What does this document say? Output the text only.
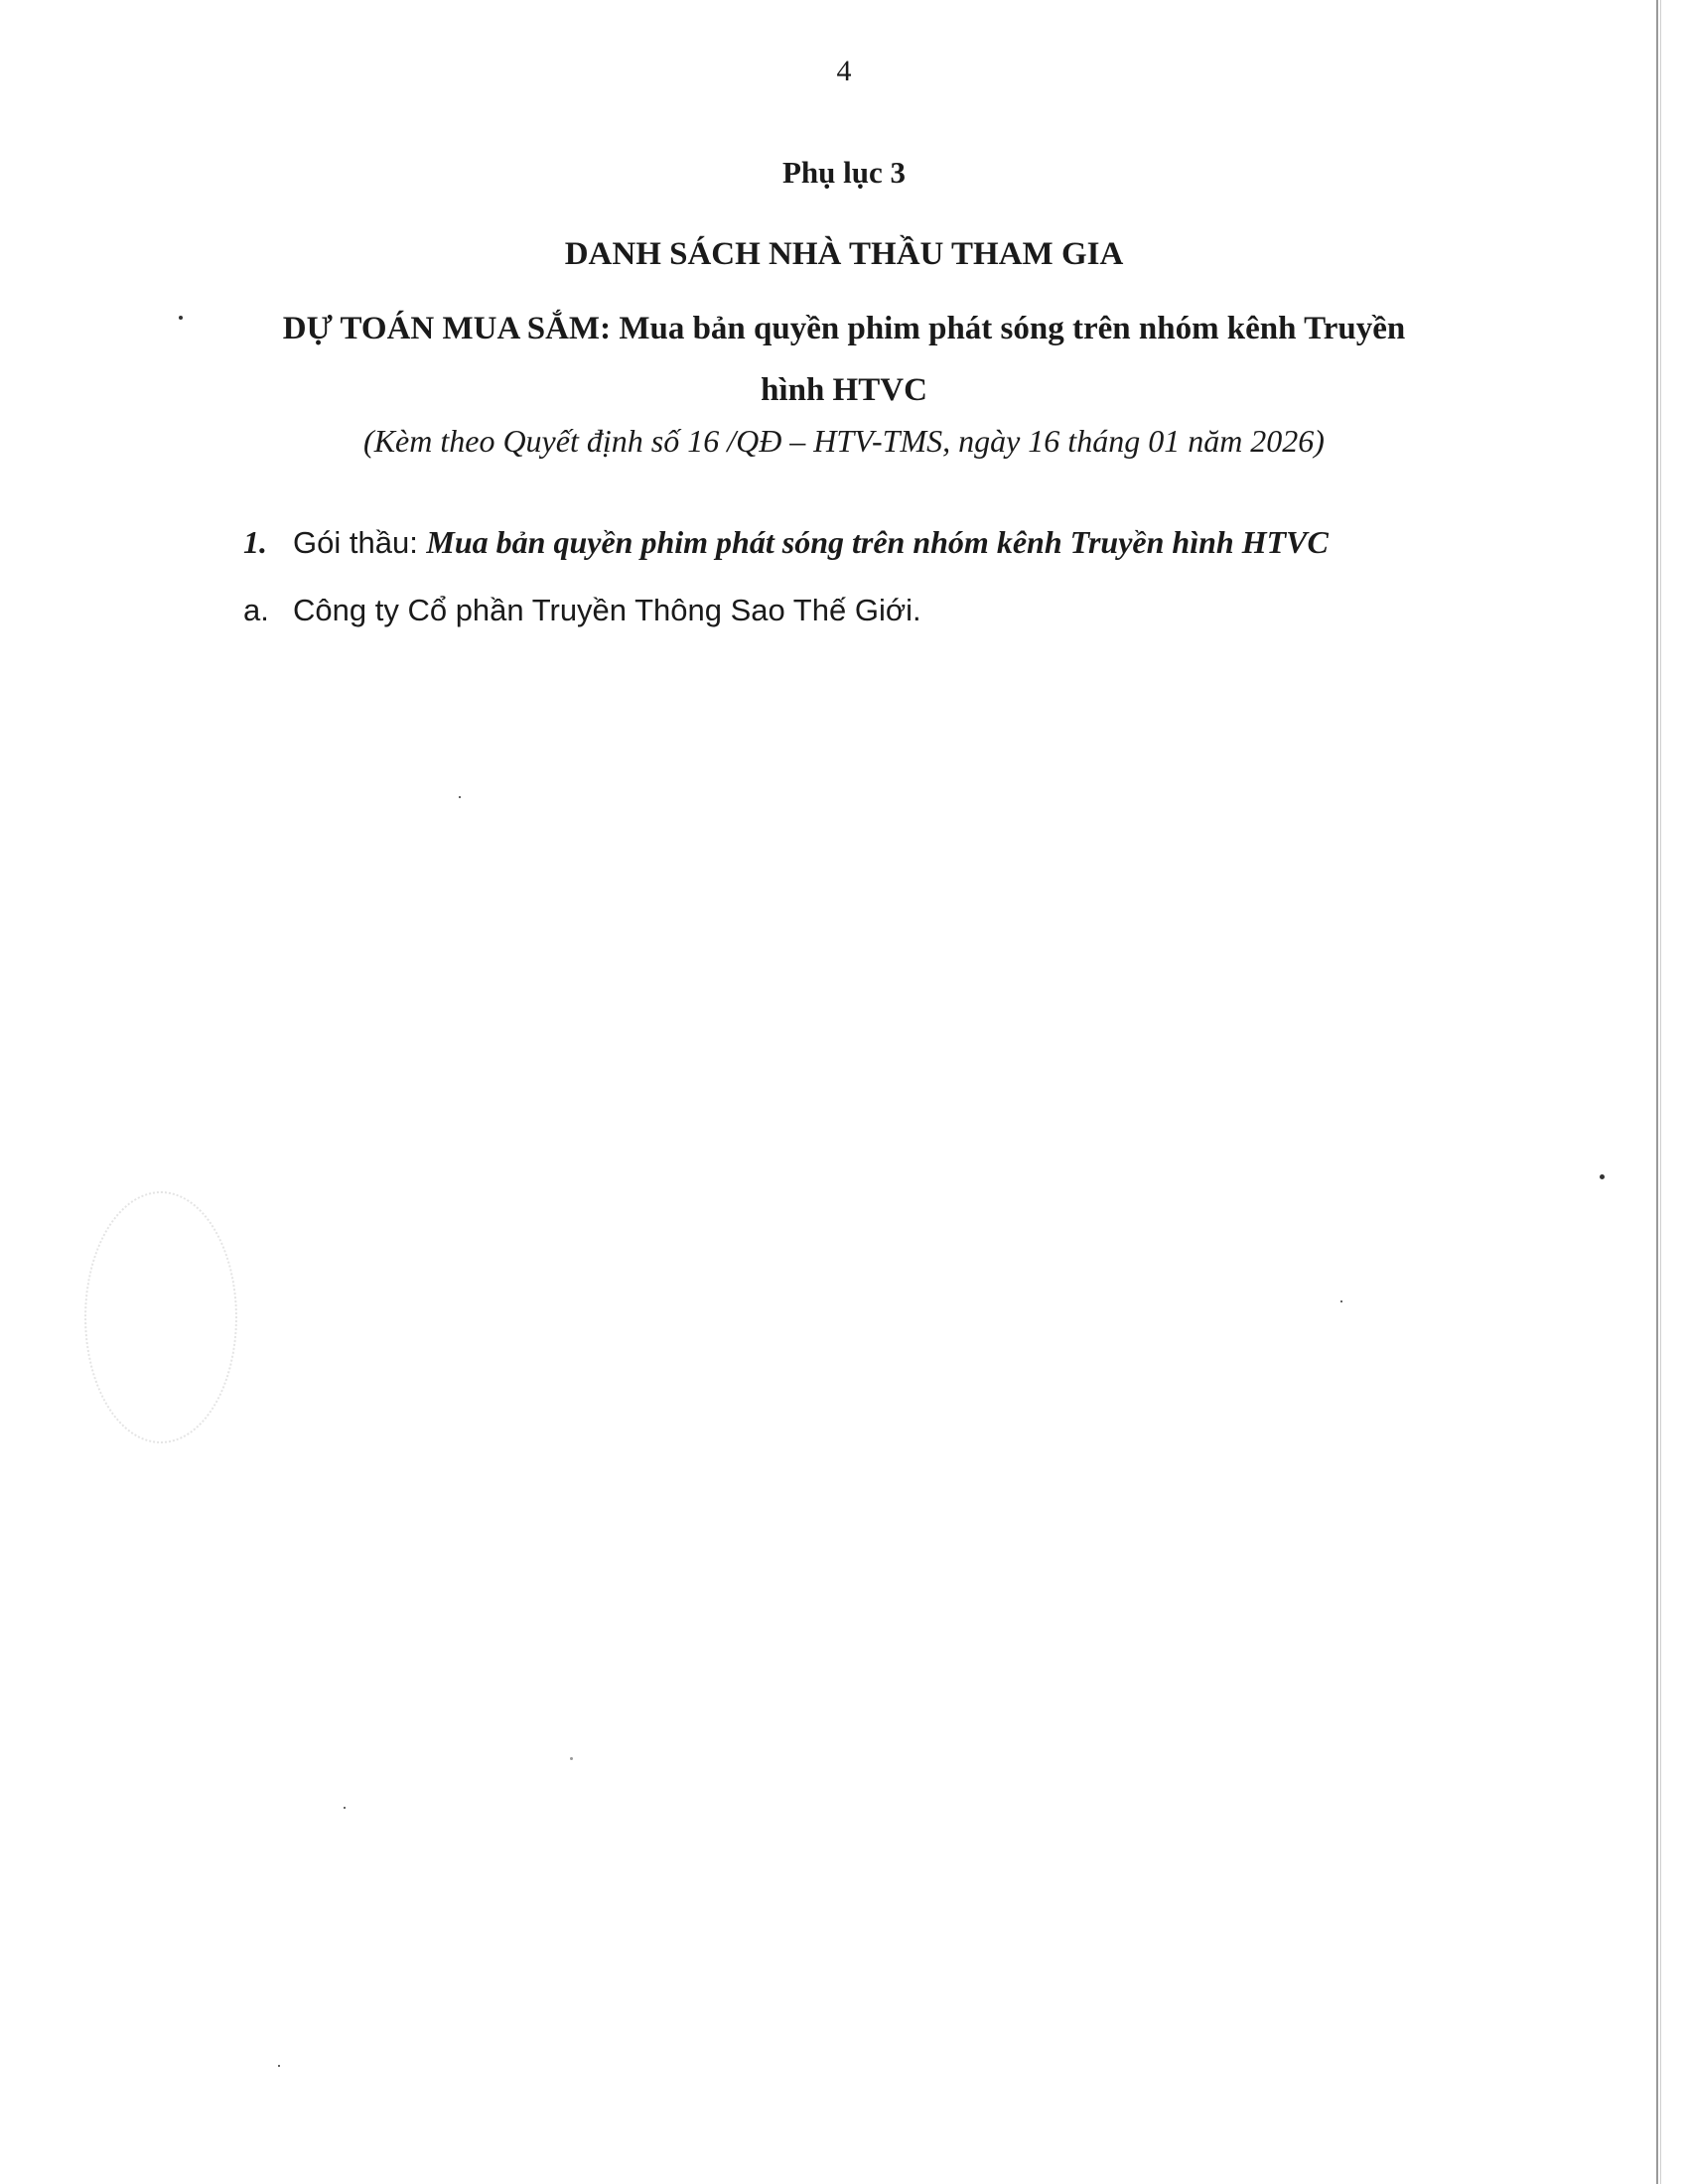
4
Phụ lục 3
DANH SÁCH NHÀ THẦU THAM GIA
DỰ TOÁN MUA SẮM: Mua bản quyền phim phát sóng trên nhóm kênh Truyền hình HTVC
(Kèm theo Quyết định số 16 /QĐ – HTV-TMS, ngày 16 tháng 01 năm 2026)
1. Gói thầu: Mua bản quyền phim phát sóng trên nhóm kênh Truyền hình HTVC
a. Công ty Cổ phần Truyền Thông Sao Thế Giới.
